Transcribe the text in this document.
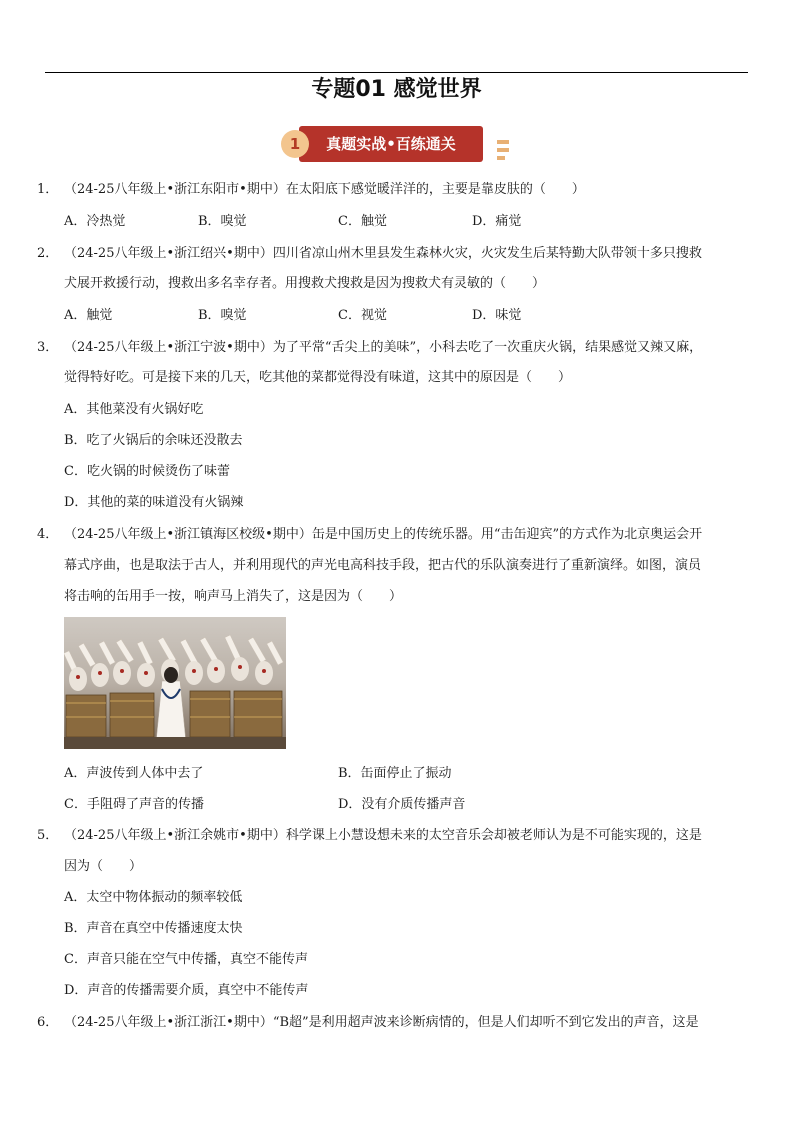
专题01 感觉世界
1	真题实战•百练通关
1． （24-25八年级上•浙江东阳市•期中）在太阳底下感觉暖洋洋的，主要是靠皮肤的（　　）
A．冷热觉	B．嗅觉	C．触觉	D．痛觉
2． （24-25八年级上•浙江绍兴•期中）四川省凉山州木里县发生森林火灾，火灾发生后某特勤大队带领十多只搜救
犬展开救援行动，搜救出多名幸存者。用搜救犬搜救是因为搜救犬有灵敏的（　　）
A．触觉	B．嗅觉	C．视觉	D．味觉
3． （24-25八年级上•浙江宁波•期中）为了平常“舌尖上的美味”，小科去吃了一次重庆火锅，结果感觉又辣又麻，
觉得特好吃。可是接下来的几天，吃其他的菜都觉得没有味道，这其中的原因是（　　）
A．其他菜没有火锅好吃
B．吃了火锅后的余味还没散去
C．吃火锅的时候烫伤了味蕾
D．其他的菜的味道没有火锅辣
4． （24-25八年级上•浙江镇海区校级•期中）缶是中国历史上的传统乐器。用“击缶迎宾”的方式作为北京奥运会开
幕式序曲，也是取法于古人，并利用现代的声光电高科技手段，把古代的乐队演奏进行了重新演绎。如图，演员
将击响的缶用手一按，响声马上消失了，这是因为（　　）
A．声波传到人体中去了	B．缶面停止了振动
C．手阻碍了声音的传播	D．没有介质传播声音
5． （24-25八年级上•浙江余姚市•期中）科学课上小慧设想未来的太空音乐会却被老师认为是不可能实现的，这是
因为（　　）
A．太空中物体振动的频率较低
B．声音在真空中传播速度太快
C．声音只能在空气中传播，真空不能传声
D．声音的传播需要介质，真空中不能传声
6． （24-25八年级上•浙江浙江•期中）“B超”是利用超声波来诊断病情的，但是人们却听不到它发出的声音，这是
